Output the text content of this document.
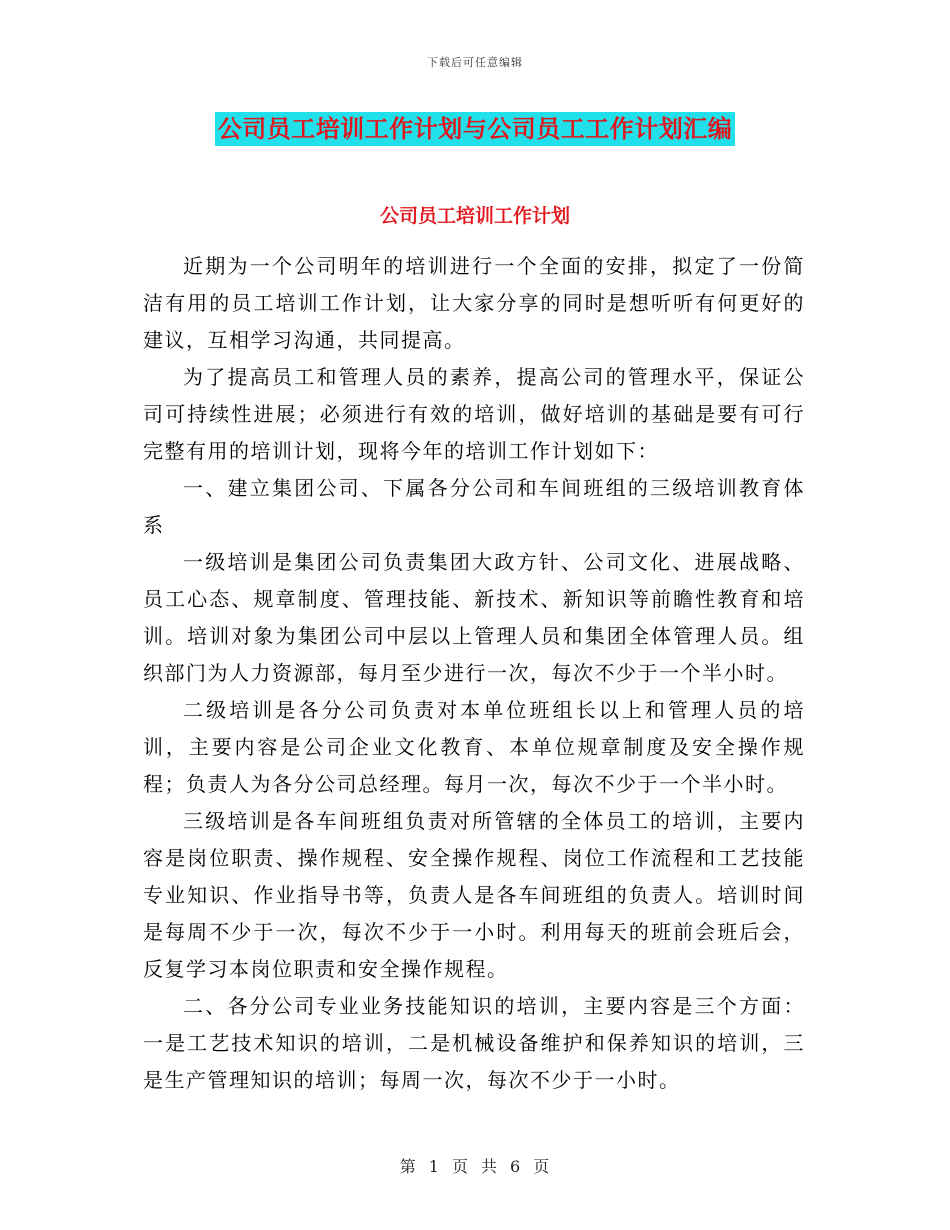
下载后可任意编辑
公司员工培训工作计划与公司员工工作计划汇编
公司员工培训工作计划

近期为一个公司明年的培训进行一个全面的安排，拟定了一份简洁有用的员工培训工作计划，让大家分享的同时是想听听有何更好的建议，互相学习沟通，共同提高。

为了提高员工和管理人员的素养，提高公司的管理水平，保证公司可持续性进展；必须进行有效的培训，做好培训的基础是要有可行完整有用的培训计划，现将今年的培训工作计划如下：

一、建立集团公司、下属各分公司和车间班组的三级培训教育体系

一级培训是集团公司负责集团大政方针、公司文化、进展战略、员工心态、规章制度、管理技能、新技术、新知识等前瞻性教育和培训。培训对象为集团公司中层以上管理人员和集团全体管理人员。组织部门为人力资源部，每月至少进行一次，每次不少于一个半小时。

二级培训是各分公司负责对本单位班组长以上和管理人员的培训，主要内容是公司企业文化教育、本单位规章制度及安全操作规程；负责人为各分公司总经理。每月一次，每次不少于一个半小时。

三级培训是各车间班组负责对所管辖的全体员工的培训，主要内容是岗位职责、操作规程、安全操作规程、岗位工作流程和工艺技能专业知识、作业指导书等，负责人是各车间班组的负责人。培训时间是每周不少于一次，每次不少于一小时。利用每天的班前会班后会，反复学习本岗位职责和安全操作规程。

二、各分公司专业业务技能知识的培训，主要内容是三个方面：一是工艺技术知识的培训，二是机械设备维护和保养知识的培训，三是生产管理知识的培训；每周一次，每次不少于一小时。

第 1 页 共 6 页
